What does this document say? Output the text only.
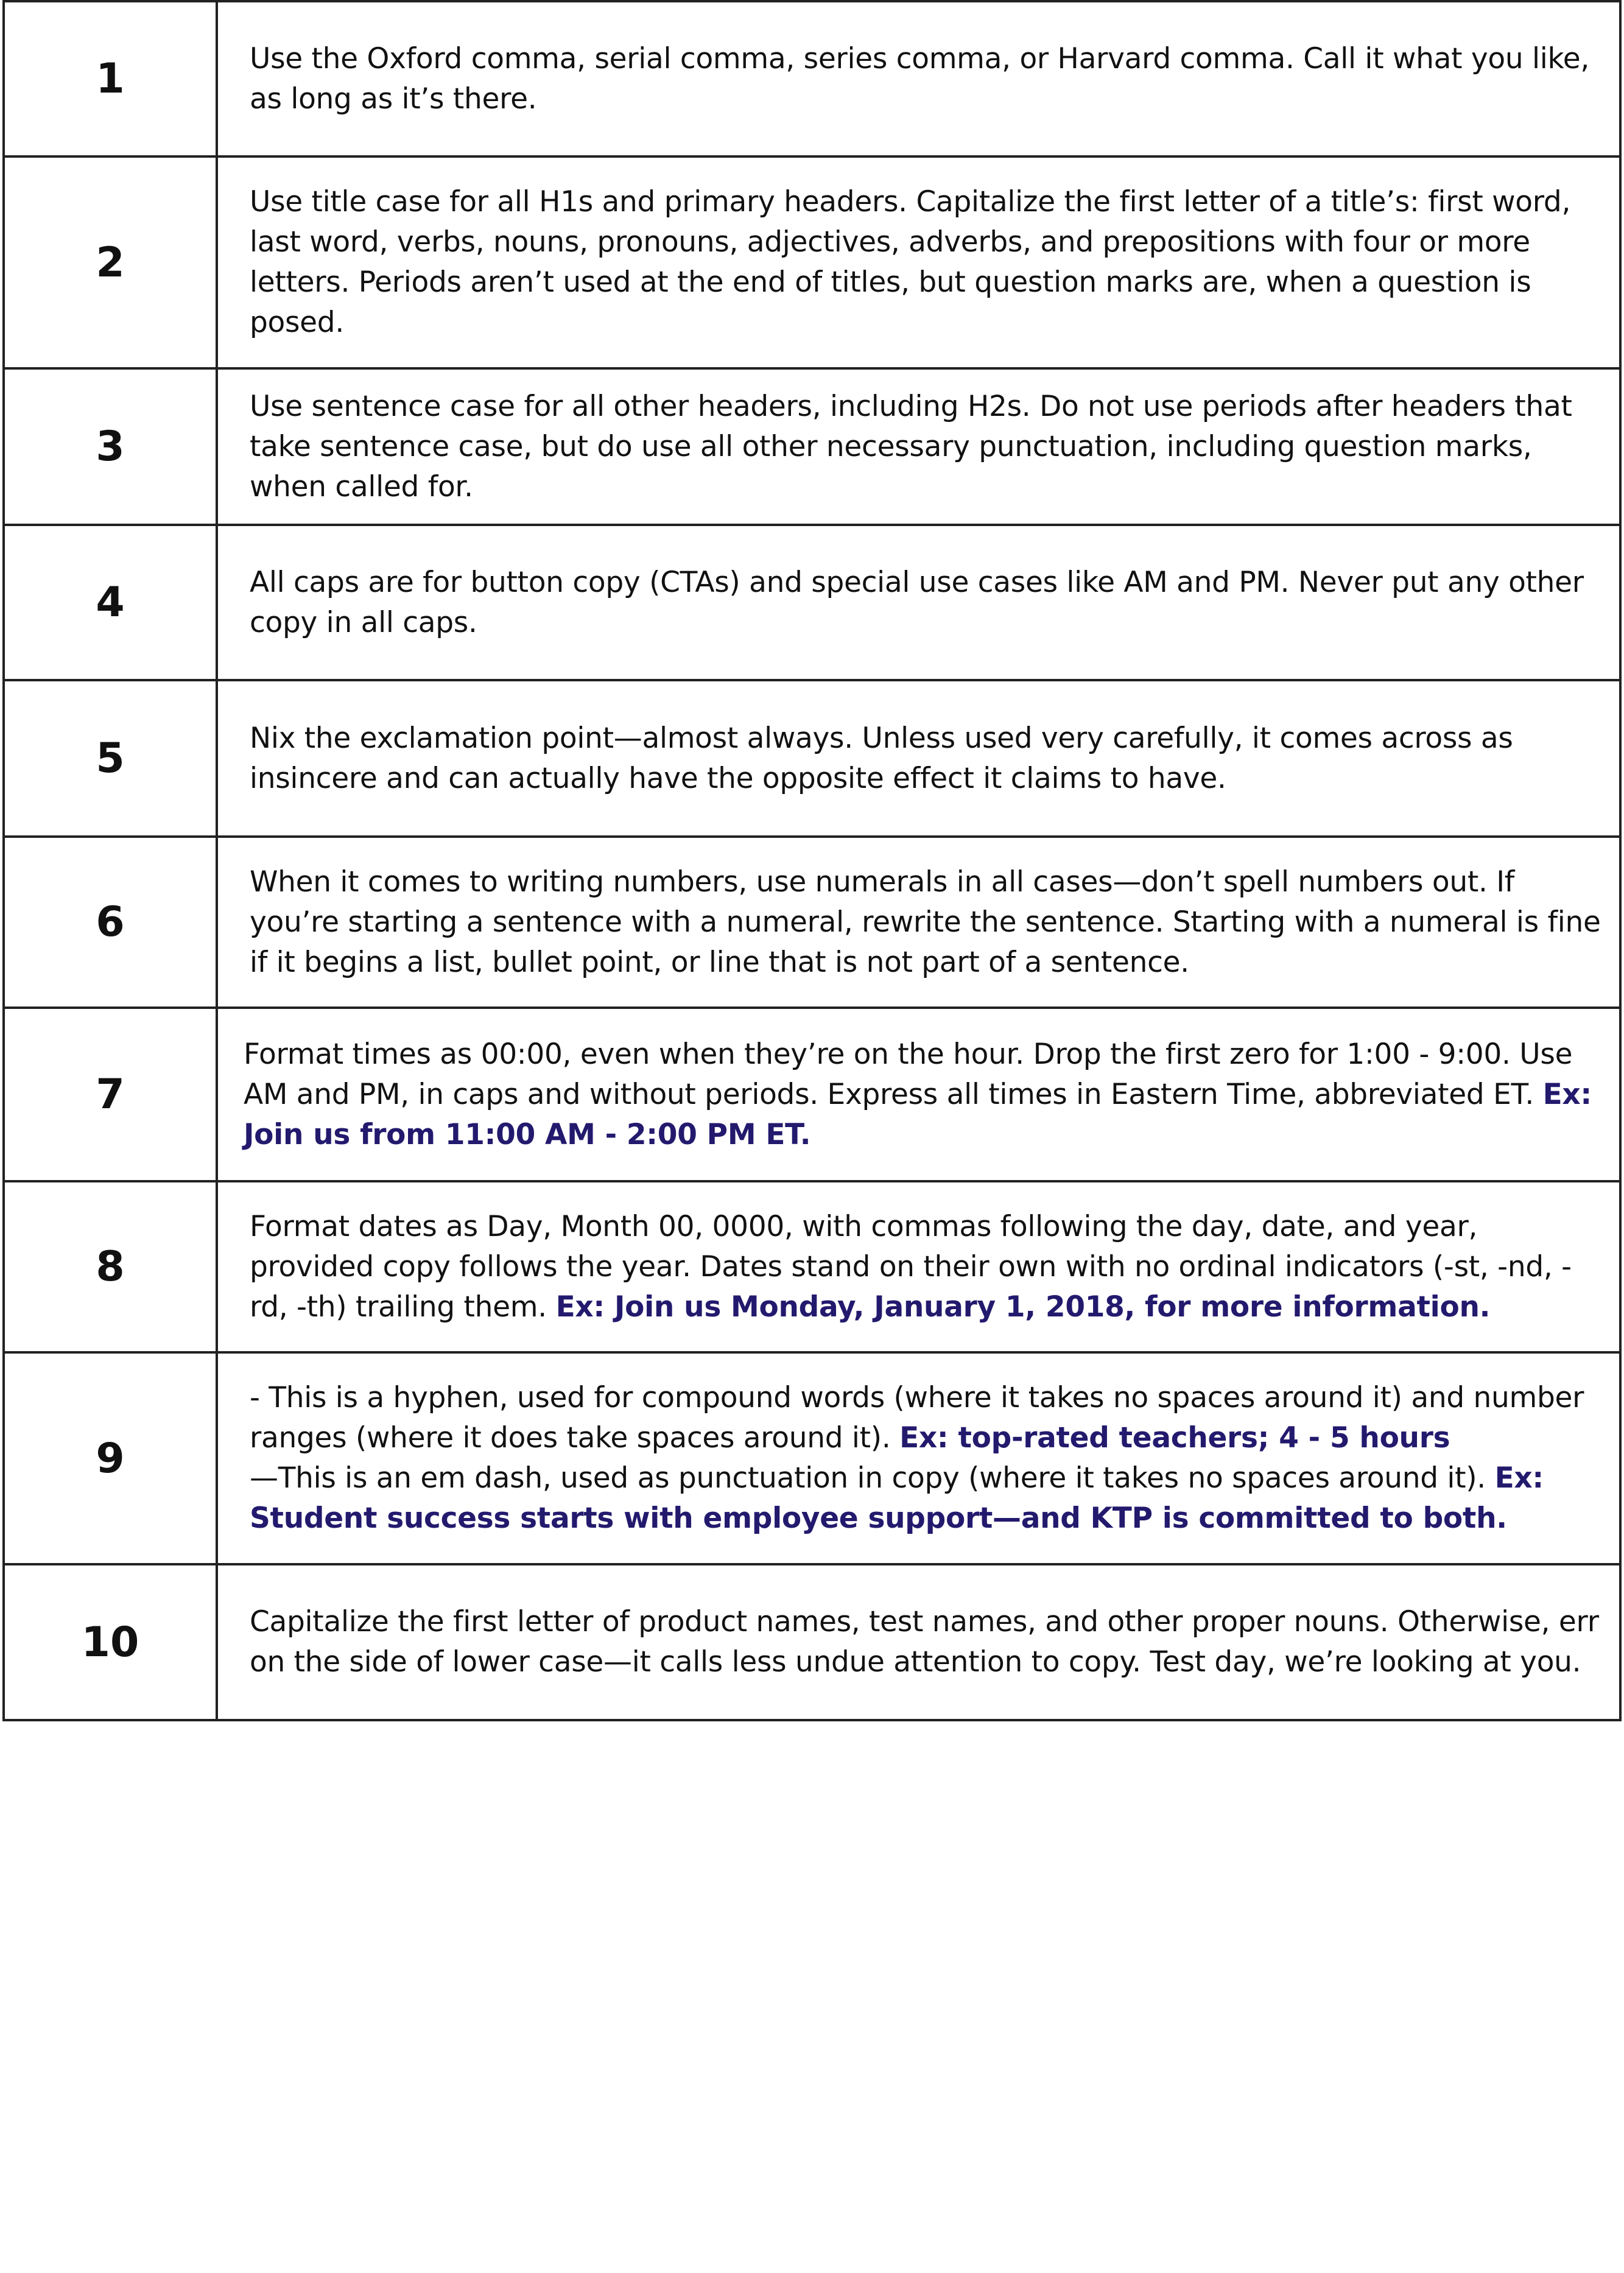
1	Use the Oxford comma, serial comma, series comma, or Harvard comma. Call it what you like, as long as it’s there.
2	Use title case for all H1s and primary headers. Capitalize the first letter of a title’s: first word, last word, verbs, nouns, pronouns, adjectives, adverbs, and prepositions with four or more letters. Periods aren’t used at the end of titles, but question marks are, when a question is posed.
3	Use sentence case for all other headers, including H2s. Do not use periods after headers that take sentence case, but do use all other necessary punctuation, including question marks, when called for.
4	All caps are for button copy (CTAs) and special use cases like AM and PM. Never put any other copy in all caps.
5	Nix the exclamation point—almost always. Unless used very carefully, it comes across as insincere and can actually have the opposite effect it claims to have.
6	When it comes to writing numbers, use numerals in all cases—don’t spell numbers out. If you’re starting a sentence with a numeral, rewrite the sentence. Starting with a numeral is fine if it begins a list, bullet point, or line that is not part of a sentence.
7	Format times as 00:00, even when they’re on the hour. Drop the first zero for 1:00 - 9:00. Use AM and PM, in caps and without periods. Express all times in Eastern Time, abbreviated ET. Ex: Join us from 11:00 AM - 2:00 PM ET.
8	Format dates as Day, Month 00, 0000, with commas following the day, date, and year, provided copy follows the year. Dates stand on their own with no ordinal indicators (-st, -nd, -rd, -th) trailing them. Ex: Join us Monday, January 1, 2018, for more information.
9	- This is a hyphen, used for compound words (where it takes no spaces around it) and number ranges (where it does take spaces around it). Ex: top-rated teachers; 4 - 5 hours
—This is an em dash, used as punctuation in copy (where it takes no spaces around it). Ex: Student success starts with employee support—and KTP is committed to both.
10	Capitalize the first letter of product names, test names, and other proper nouns. Otherwise, err on the side of lower case—it calls less undue attention to copy. Test day, we’re looking at you.
